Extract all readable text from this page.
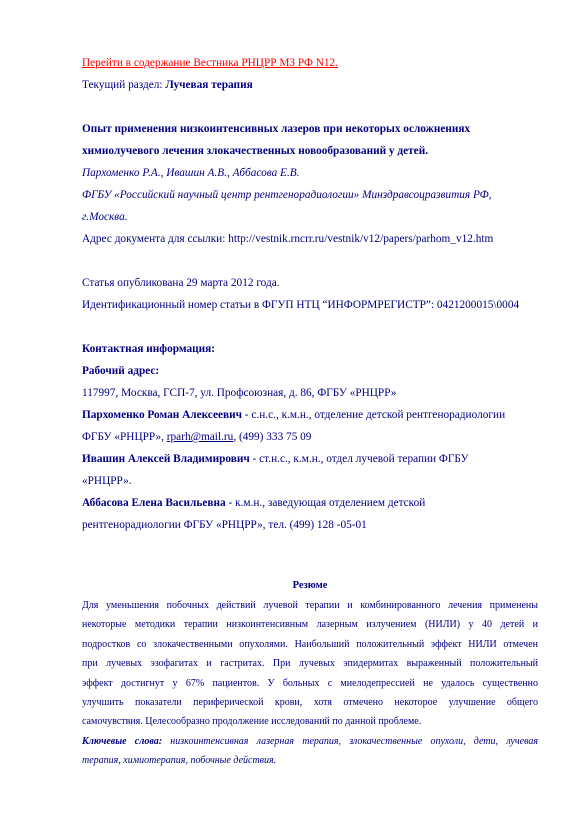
Перейти в содержание Вестника РНЦРР МЗ РФ N12.
Текущий раздел: Лучевая терапия
Опыт применения низкоинтенсивных лазеров при некоторых осложнениях
химиолучевого лечения злокачественных новообразований у детей.
Пархоменко Р.А., Ивашин А.В., Аббасова Е.В.
ФГБУ «Российский научный центр рентгенорадиологии» Минздравсоцразвития РФ,
г.Москва.
Адрес документа для ссылки: http://vestnik.rncrr.ru/vestnik/v12/papers/parhom_v12.htm
Статья опубликована 29 марта 2012 года.
Идентификационный номер статьи в ФГУП НТЦ “ИНФОРМРЕГИСТР”: 0421200015\0004
Контактная информация:
Рабочий адрес:
117997, Москва, ГСП-7, ул. Профсоюзная, д. 86, ФГБУ «РНЦРР»
Пархоменко Роман Алексеевич - с.н.с., к.м.н., отделение детской рентгенорадиологии
ФГБУ «РНЦРР», rparh@mail.ru, (499) 333 75 09
Ивашин Алексей Владимирович - ст.н.с., к.м.н., отдел лучевой терапии ФГБУ
«РНЦРР».
Аббасова Елена Васильевна - к.м.н., заведующая отделением детской
рентгенорадиологии ФГБУ «РНЦРР», тел. (499) 128 -05-01
Резюме
Для уменьшения побочных действий лучевой терапии и комбинированного лечения применены
некоторые методики терапии низкоинтенсивным лазерным излучением (НИЛИ) у 40 детей и
подростков со злокачественными опухолями. Наибольший положительный эффект НИЛИ отмечен
при лучевых эзофагитах и гастритах. При лучевых эпидермитах выраженный положительный
эффект достигнут у 67% пациентов. У больных с миелодепрессией не удалось существенно
улучшить показатели периферической крови, хотя отмечено некоторое улучшение общего
самочувствия. Целесообразно продолжение исследований по данной проблеме.
Ключевые слова: низкоинтенсивная лазерная терапия, злокачественные опухоли, дети, лучевая
терапия, химиотерапия, побочные действия.
